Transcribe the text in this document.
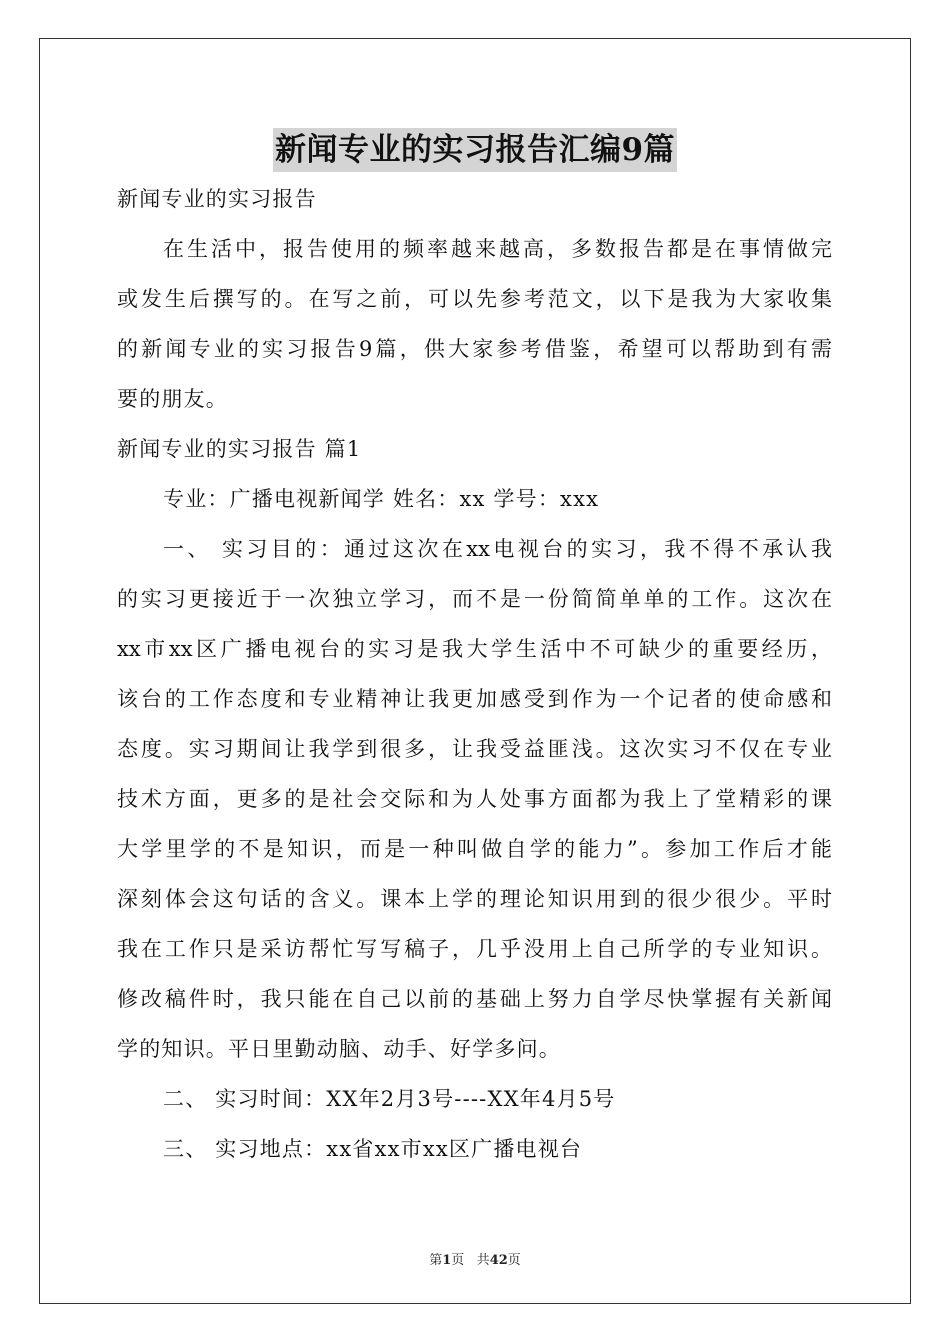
新闻专业的实习报告汇编9篇
新闻专业的实习报告
在生活中，报告使用的频率越来越高，多数报告都是在事情做完
或发生后撰写的。在写之前，可以先参考范文，以下是我为大家收集
的新闻专业的实习报告9篇，供大家参考借鉴，希望可以帮助到有需
要的朋友。
新闻专业的实习报告 篇1
专业：广播电视新闻学 姓名：xx 学号：xxx
一、 实习目的：通过这次在xx电视台的实习，我不得不承认我
的实习更接近于一次独立学习，而不是一份简简单单的工作。这次在
xx市xx区广播电视台的实习是我大学生活中不可缺少的重要经历，
该台的工作态度和专业精神让我更加感受到作为一个记者的使命感和
态度。实习期间让我学到很多，让我受益匪浅。这次实习不仅在专业
技术方面，更多的是社会交际和为人处事方面都为我上了堂精彩的课
大学里学的不是知识，而是一种叫做自学的能力”。参加工作后才能
深刻体会这句话的含义。课本上学的理论知识用到的很少很少。平时
我在工作只是采访帮忙写写稿子，几乎没用上自己所学的专业知识。
修改稿件时，我只能在自己以前的基础上努力自学尽快掌握有关新闻
学的知识。平日里勤动脑、动手、好学多问。
二、 实习时间：XX年2月3号----XX年4月5号
三、 实习地点：xx省xx市xx区广播电视台
第1页 共42页
